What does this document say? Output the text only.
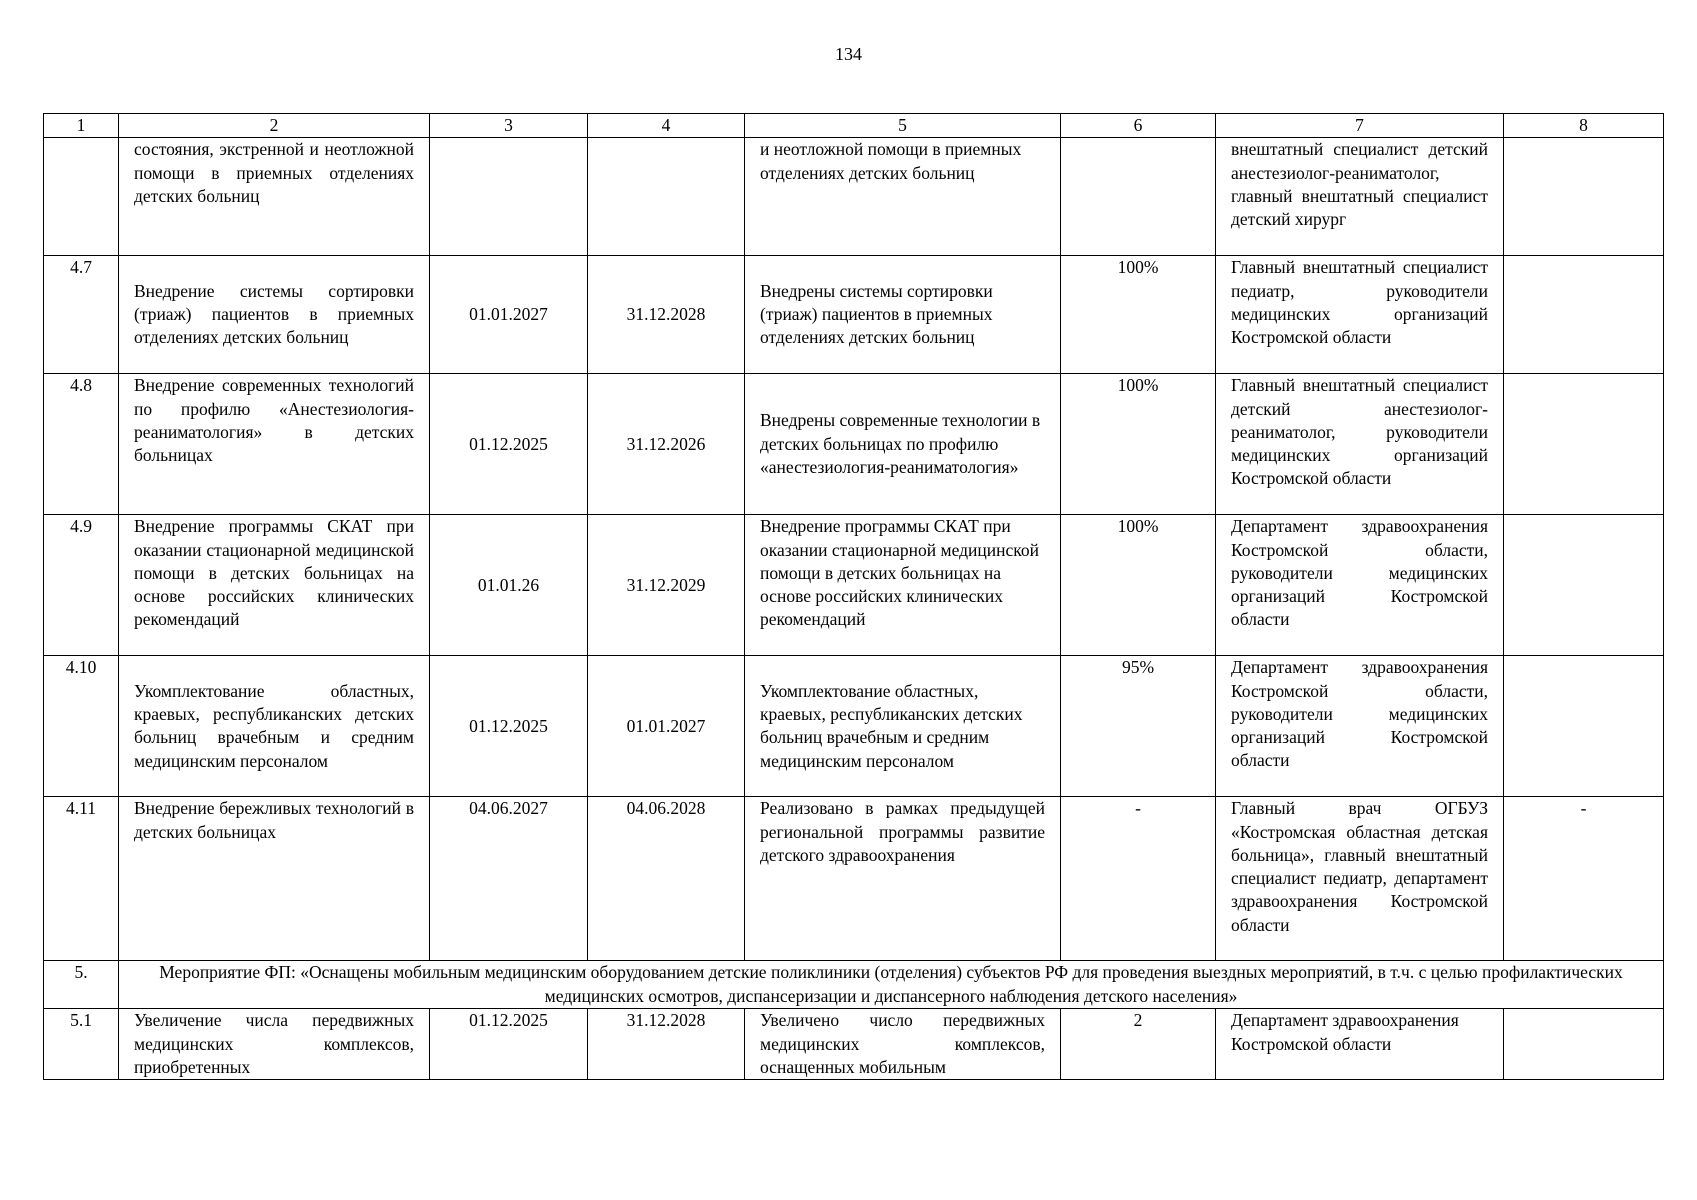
134
1	2	3	4	5	6	7	8
	состояния, экстренной и неотложной помощи в приемных отделениях детских больниц			и неотложной помощи в приемных отделениях детских больниц		внештатный специалист детский анестезиолог-реаниматолог, главный внештатный специалист детский хирург	
4.7	Внедрение системы сортировки (триаж) пациентов в приемных отделениях детских больниц	01.01.2027	31.12.2028	Внедрены системы сортировки (триаж) пациентов в приемных отделениях детских больниц	100%	Главный внештатный специалист педиатр, руководители медицинских организаций Костромской области	
4.8	Внедрение современных технологий по профилю «Анестезиология-реаниматология» в детских больницах	01.12.2025	31.12.2026	Внедрены современные технологии в детских больницах по профилю «анестезиология-реаниматология»	100%	Главный внештатный специалист детский анестезиолог-реаниматолог, руководители медицинских организаций Костромской области	
4.9	Внедрение программы СКАТ при оказании стационарной медицинской помощи в детских больницах на основе российских клинических рекомендаций	01.01.26	31.12.2029	Внедрение программы СКАТ при оказании стационарной медицинской помощи в детских больницах на основе российских клинических рекомендаций	100%	Департамент здравоохранения Костромской области, руководители медицинских организаций Костромской области	
4.10	Укомплектование областных, краевых, республиканских детских больниц врачебным и средним медицинским персоналом	01.12.2025	01.01.2027	Укомплектование областных, краевых, республиканских детских больниц врачебным и средним медицинским персоналом	95%	Департамент здравоохранения Костромской области, руководители медицинских организаций Костромской области	
4.11	Внедрение бережливых технологий в детских больницах	04.06.2027	04.06.2028	Реализовано в рамках предыдущей региональной программы развитие детского здравоохранения	-	Главный врач ОГБУЗ «Костромская областная детская больница», главный внештатный специалист педиатр, департамент здравоохранения Костромской области	-
5.	Мероприятие ФП: «Оснащены мобильным медицинским оборудованием детские поликлиники (отделения) субъектов РФ для проведения выездных мероприятий, в т.ч. с целью профилактических медицинских осмотров, диспансеризации и диспансерного наблюдения детского населения»						
5.1	Увеличение числа передвижных медицинских комплексов, приобретенных	01.12.2025	31.12.2028	Увеличено число передвижных медицинских комплексов, оснащенных мобильным	2	Департамент здравоохранения Костромской области	
